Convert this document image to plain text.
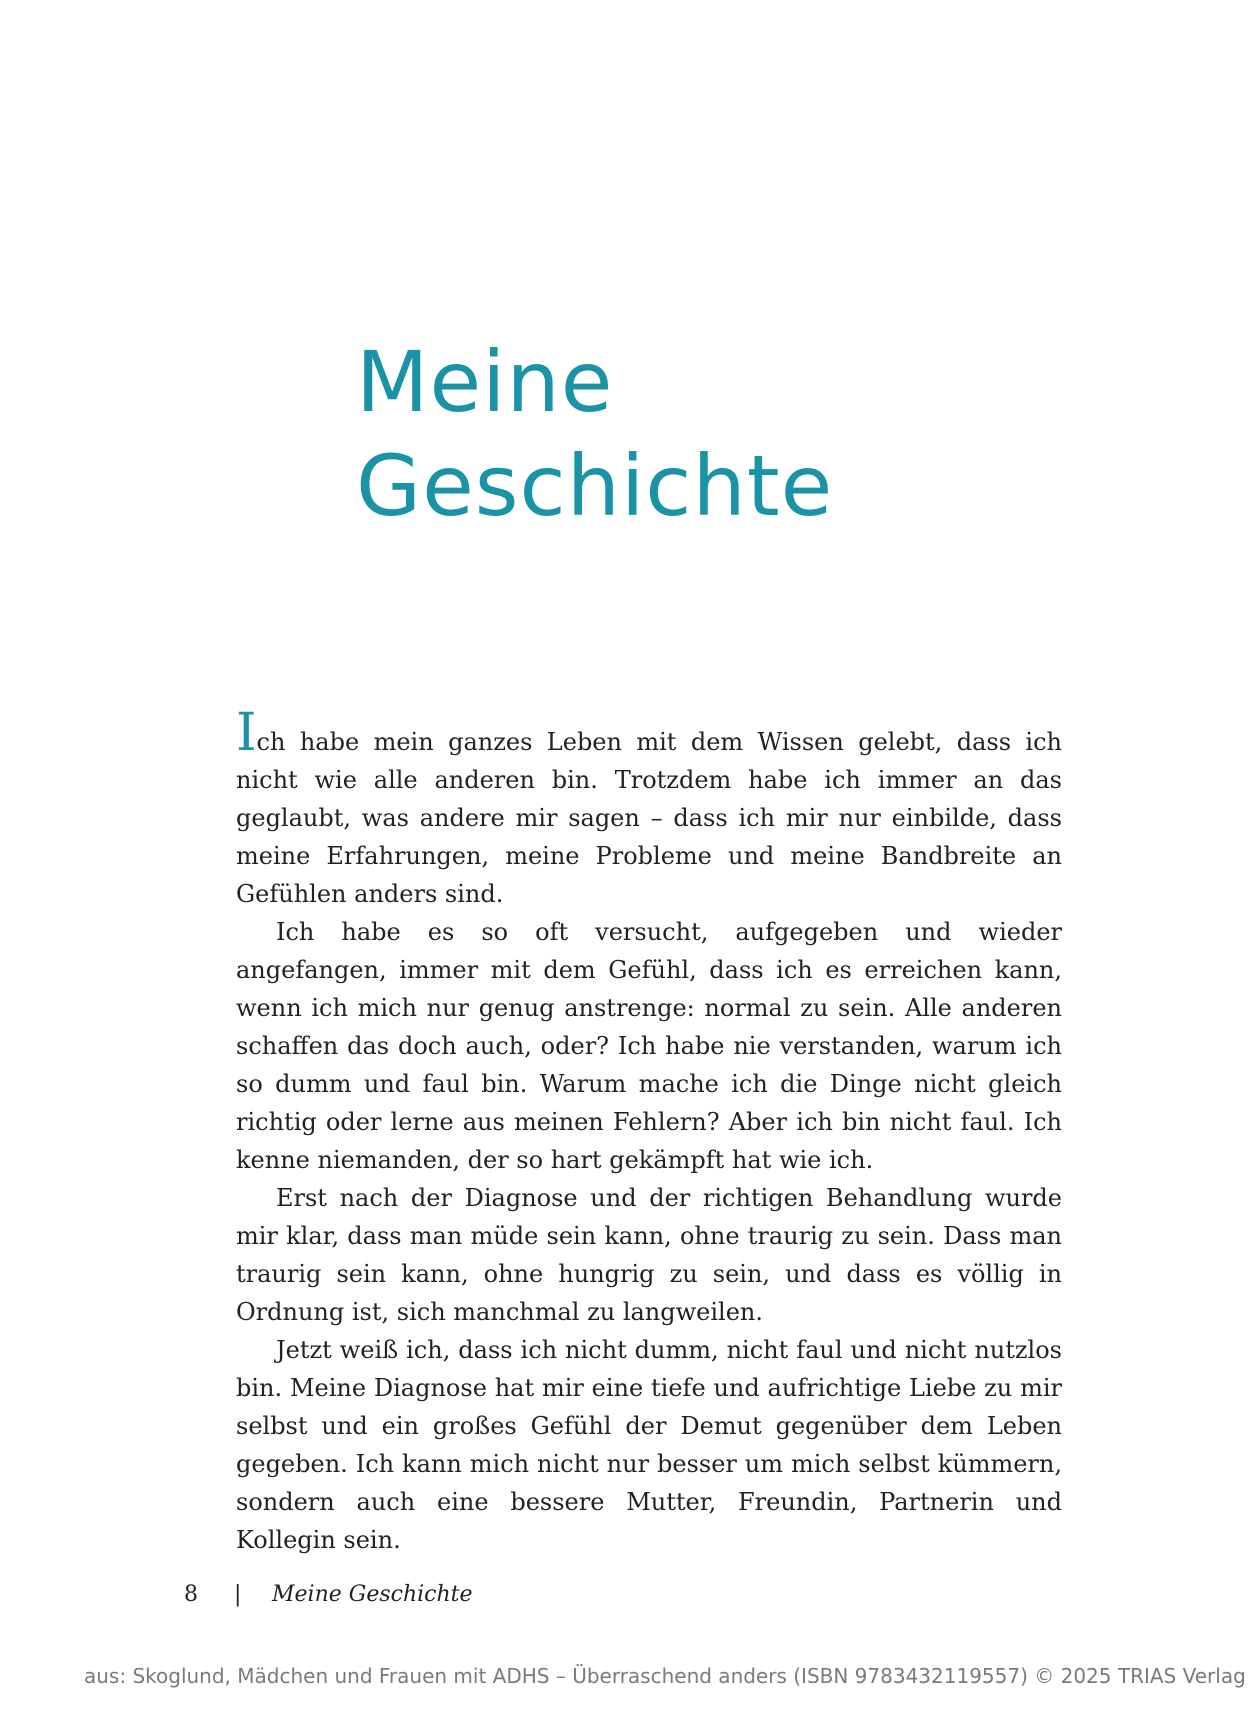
Meine
Geschichte

Ich habe mein ganzes Leben mit dem Wissen gelebt, dass ich nicht wie alle anderen bin. Trotzdem habe ich immer an das geglaubt, was andere mir sagen – dass ich mir nur einbilde, dass meine Erfahrungen, meine Probleme und meine Bandbreite an Gefühlen anders sind.

Ich habe es so oft versucht, aufgegeben und wieder angefangen, immer mit dem Gefühl, dass ich es erreichen kann, wenn ich mich nur genug anstrenge: normal zu sein. Alle anderen schaffen das doch auch, oder? Ich habe nie verstanden, warum ich so dumm und faul bin. Warum mache ich die Dinge nicht gleich richtig oder lerne aus meinen Fehlern? Aber ich bin nicht faul. Ich kenne niemanden, der so hart gekämpft hat wie ich.

Erst nach der Diagnose und der richtigen Behandlung wurde mir klar, dass man müde sein kann, ohne traurig zu sein. Dass man traurig sein kann, ohne hungrig zu sein, und dass es völlig in Ordnung ist, sich manchmal zu langweilen.

Jetzt weiß ich, dass ich nicht dumm, nicht faul und nicht nutzlos bin. Meine Diagnose hat mir eine tiefe und aufrichtige Liebe zu mir selbst und ein großes Gefühl der Demut gegenüber dem Leben gegeben. Ich kann mich nicht nur besser um mich selbst kümmern, sondern auch eine bessere Mutter, Freundin, Partnerin und Kollegin sein.

8 | Meine Geschichte
aus: Skoglund, Mädchen und Frauen mit ADHS – Überraschend anders (ISBN 9783432119557) © 2025 TRIAS Verlag
